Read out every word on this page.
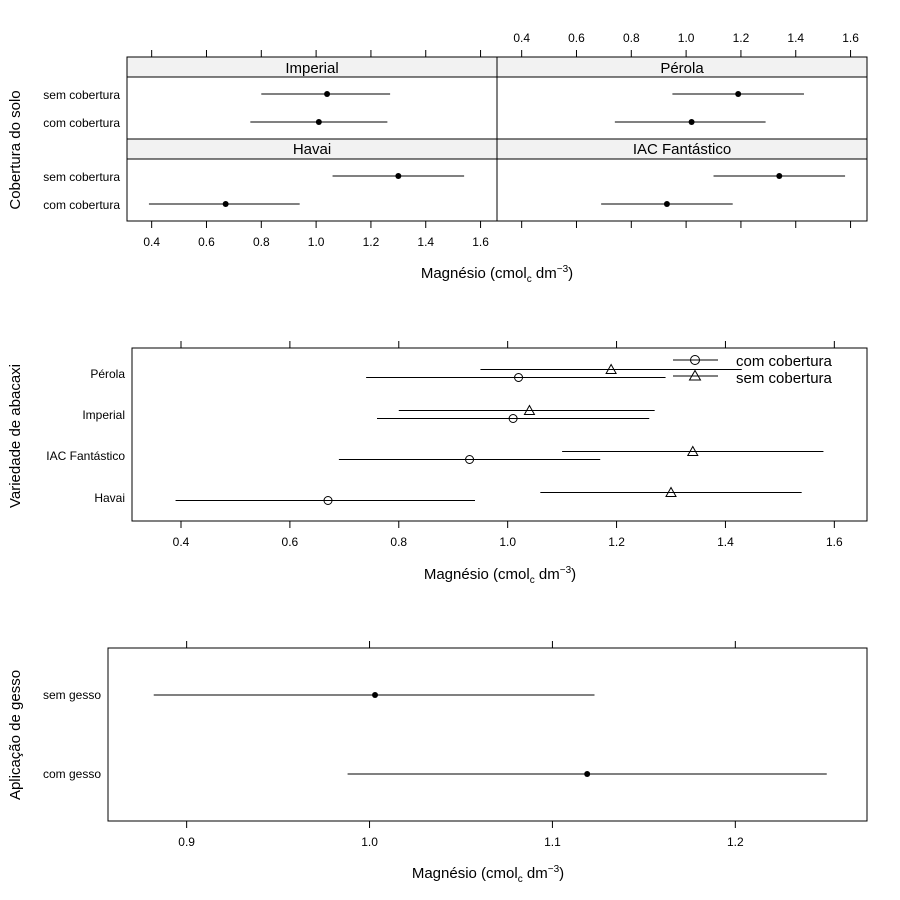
Havai	IAC Fantástico
Imperial	Pérola
sem cobertura
com cobertura
sem cobertura
com cobertura
Cobertura do solo
Magnésio (cmol$_c$ $dm^{-3}$)
0.4
0.4
0.6
0.6
0.8
0.8
1.0
1.0
1.2
1.2
1.4
1.4
1.6
1.6
Pérola
Imperial
IAC Fantástico
Havai
Variedade de abacaxi
Magnésio (cmol$_c$ $dm^{-3}$)
com cobertura
sem cobertura
0.4	0.6	0.8	1.0	1.2	1.4	1.6
sem gesso
com gesso
Aplicação de gesso
Magnésio (cmol$_c$ $dm^{-3}$)
0.9	1.0	1.1	1.2
